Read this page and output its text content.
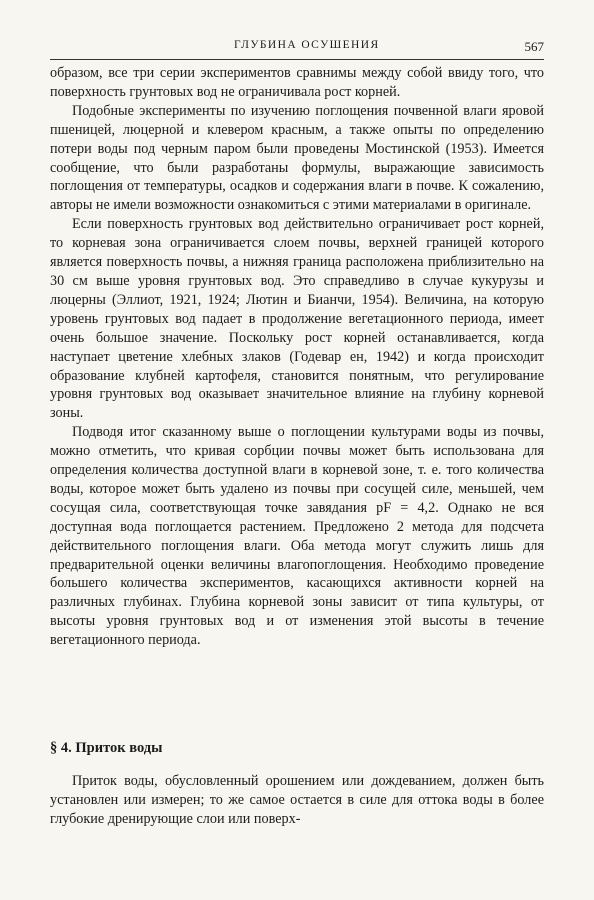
ГЛУБИНА ОСУШЕНИЯ	567

образом, все три серии экспериментов сравнимы между собой ввиду того, что поверхность грунтовых вод не ограничивала рост корней.

Подобные эксперименты по изучению поглощения почвенной влаги яровой пшеницей, люцерной и клевером красным, а также опыты по определению потери воды под черным паром были проведены Мостинской (1953). Имеется сообщение, что были разработаны формулы, выражающие зависимость поглощения от температуры, осадков и содержания влаги в почве. К сожалению, авторы не имели возможности ознакомиться с этими материалами в оригинале.

Если поверхность грунтовых вод действительно ограничивает рост корней, то корневая зона ограничивается слоем почвы, верхней границей которого является поверхность почвы, а нижняя граница расположена приблизительно на 30 см выше уровня грунтовых вод. Это справедливо в случае кукурузы и люцерны (Эллиот, 1921, 1924; Лютин и Бианчи, 1954). Величина, на которую уровень грунтовых вод падает в продолжение вегетационного периода, имеет очень большое значение. Поскольку рост корней останавливается, когда наступает цветение хлебных злаков (Годевар ен, 1942) и когда происходит образование клубней картофеля, становится понятным, что регулирование уровня грунтовых вод оказывает значительное влияние на глубину корневой зоны.

Подводя итог сказанному выше о поглощении культурами воды из почвы, можно отметить, что кривая сорбции почвы может быть использована для определения количества доступной влаги в корневой зоне, т. е. того количества воды, которое может быть удалено из почвы при сосущей силе, меньшей, чем сосущая сила, соответствующая точке завядания pF = 4,2. Однако не вся доступная вода поглощается растением. Предложено 2 метода для подсчета действительного поглощения влаги. Оба метода могут служить лишь для предварительной оценки величины влагопоглощения. Необходимо проведение большего количества экспериментов, касающихся активности корней на различных глубинах. Глубина корневой зоны зависит от типа культуры, от высоты уровня грунтовых вод и от изменения этой высоты в течение вегетационного периода.

§ 4. Приток воды

Приток воды, обусловленный орошением или дождеванием, должен быть установлен или измерен; то же самое остается в силе для оттока воды в более глубокие дренирующие слои или поверх-
